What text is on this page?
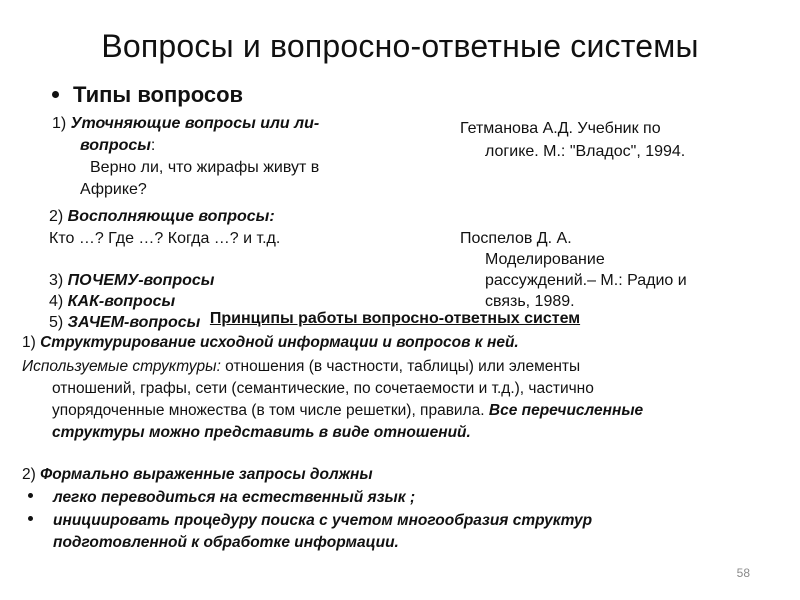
Вопросы и вопросно-ответные системы
Типы вопросов
1) Уточняющие вопросы или ли-
вопросы:
Верно ли, что жирафы живут в
Африке?
2) Восполняющие вопросы:
Кто …? Где …? Когда …? и т.д.
3) ПОЧЕМУ-вопросы
4) КАК-вопросы
5) ЗАЧЕМ-вопросы
Гетманова А.Д. Учебник по
логике. М.: "Владос", 1994.
Поспелов Д. А.
Моделирование
рассуждений.– М.: Радио и
связь, 1989.
Принципы работы вопросно-ответных систем
1) Структурирование исходной информации и вопросов к ней.
Используемые структуры: отношения (в частности, таблицы) или элементы
отношений, графы, сети (семантические, по сочетаемости и т.д.), частично
упорядоченные множества (в том числе решетки), правила. Все перечисленные
структуры можно представить в виде отношений.
2) Формально выраженные запросы должны
легко переводиться на естественный язык ;
инициировать процедуру поиска с учетом многообразия структур
подготовленной к обработке информации.
58
